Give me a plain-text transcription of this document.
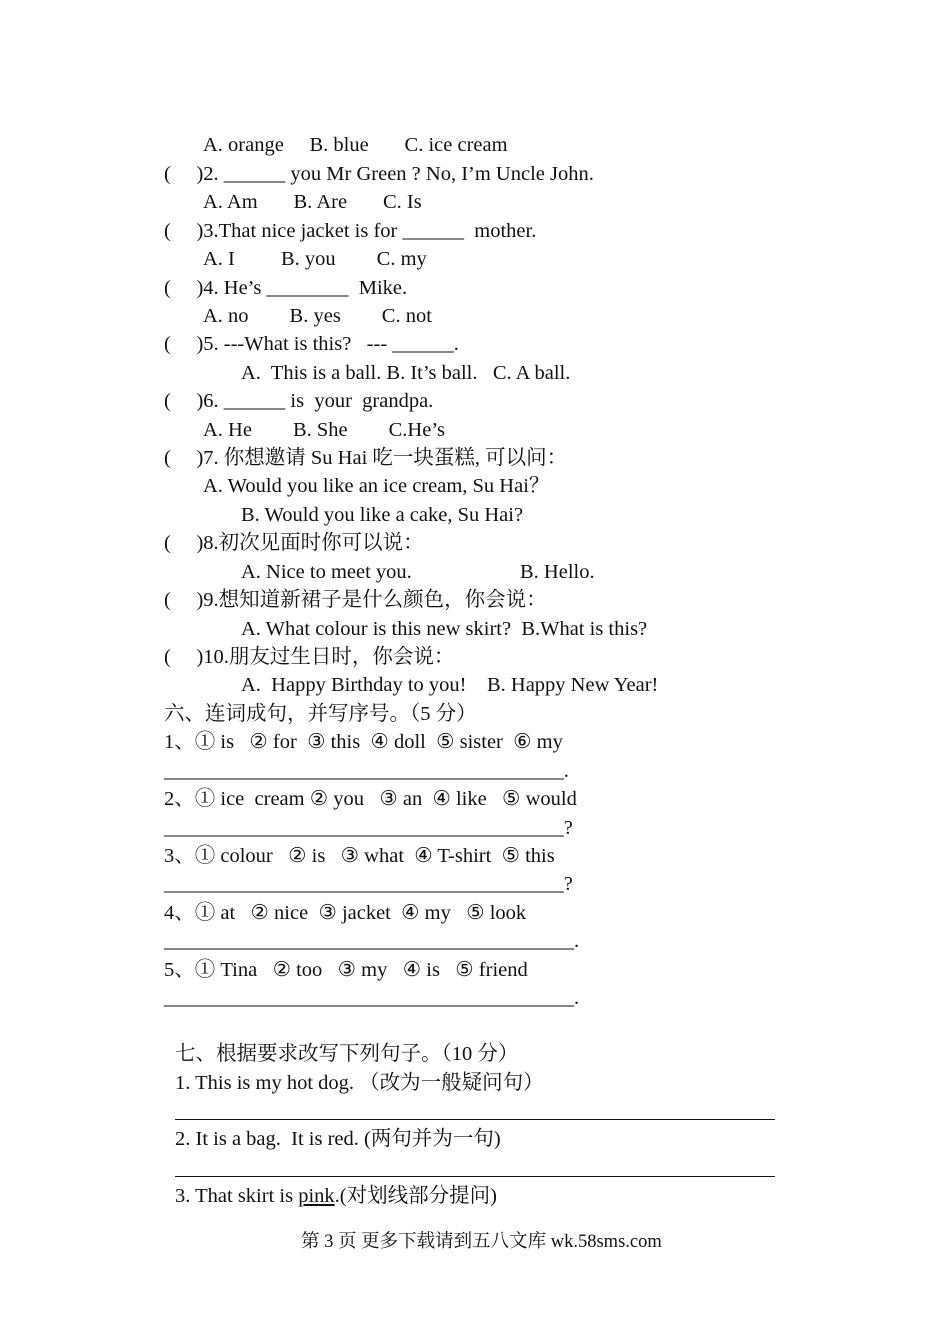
A. orange     B. blue       C. ice cream
(     )2. ______ you Mr Green ? No, I’m Uncle John.
A. Am       B. Are       C. Is
(     )3.That nice jacket is for ______  mother.
A. I         B. you        C. my
(     )4. He’s ________  Mike.
A. no        B. yes        C. not
(     )5. ---What is this?   --- ______.
A.  This is a ball. B. It’s ball.   C. A ball.
(     )6. ______ is  your  grandpa.
A. He        B. She        C.He’s
(     )7. 你想邀请 Su Hai 吃一块蛋糕, 可以问：
A. Would you like an ice cream, Su Hai？
B. Would you like a cake, Su Hai?
(     )8.初次见面时你可以说：
A. Nice to meet you.	B. Hello.
(     )9.想知道新裙子是什么颜色，你会说：
A. What colour is this new skirt?  B.What is this?
(     )10.朋友过生日时，你会说：
A.  Happy Birthday to you!    B. Happy New Year!
六、连词成句，并写序号。（5 分）
1、① is   ② for  ③ this  ④ doll  ⑤ sister  ⑥ my
_______________________________________.
2、① ice  cream ② you   ③ an  ④ like   ⑤ would
_______________________________________?
3、① colour   ② is   ③ what  ④ T-shirt  ⑤ this
_______________________________________?
4、① at   ② nice  ③ jacket  ④ my   ⑤ look
________________________________________.
5、① Tina   ② too   ③ my   ④ is   ⑤ friend
________________________________________.
七、根据要求改写下列句子。（10 分）
1. This is my hot dog. （改为一般疑问句）
2. It is a bag.  It is red. (两句并为一句)
3. That skirt is pink.(对划线部分提问)
第 3 页 更多下载请到五八文库 wk.58sms.com
